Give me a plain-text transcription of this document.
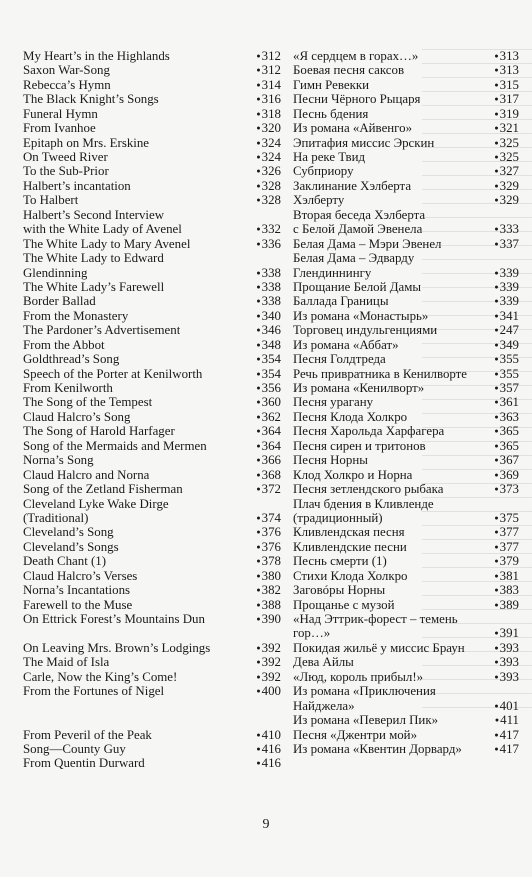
My Heart’s in the Highlands	● 312
Saxon War-Song	● 312
Rebecca’s Hymn	● 314
The Black Knight’s Songs	● 316
Funeral Hymn	● 318
From Ivanhoe	● 320
Epitaph on Mrs. Erskine	● 324
On Tweed River	● 324
To the Sub-Prior	● 326
Halbert’s incantation	● 328
To Halbert	● 328
Halbert’s Second Interview
with the White Lady of Avenel	● 332
The White Lady to Mary Avenel	● 336
The White Lady to Edward
Glendinning	● 338
The White Lady’s Farewell	● 338
Border Ballad	● 338
From the Monastery	● 340
The Pardoner’s Advertisement	● 346
From the Abbot	● 348
Goldthread’s Song	● 354
Speech of the Porter at Kenilworth	● 354
From Kenilworth	● 356
The Song of the Tempest	● 360
Claud Halcro’s Song	● 362
The Song of Harold Harfager	● 364
Song of the Mermaids and Mermen	● 364
Norna’s Song	● 366
Claud Halcro and Norna	● 368
Song of the Zetland Fisherman	● 372
Cleveland Lyke Wake Dirge
(Traditional)	● 374
Cleveland’s Song	● 376
Cleveland’s Songs	● 376
Death Chant (1)	● 378
Claud Halcro’s Verses	● 380
Norna’s Incantations	● 382
Farewell to the Muse	● 388
On Ettrick Forest’s Mountains Dun	● 390
On Leaving Mrs. Brown’s Lodgings	● 392
The Maid of Isla	● 392
Carle, Now the King’s Come!	● 392
From the Fortunes of Nigel	● 400
From Peveril of the Peak	● 410
Song—County Guy	● 416
From Quentin Durward	● 416
«Я сердцем в горах…»	● 313
Боевая песня саксов	● 313
Гимн Ревекки	● 315
Песни Чёрного Рыцаря	● 317
Песнь бдения	● 319
Из романа «Айвенго»	● 321
Эпитафия миссис Эрскин	● 325
На реке Твид	● 325
Субприору	● 327
Заклинание Хэлберта	● 329
Хэлберту	● 329
Вторая беседа Хэлберта
с Белой Дамой Эвенела	● 333
Белая Дама – Мэри Эвенел	● 337
Белая Дама – Эдварду
Глендиннингу	● 339
Прощание Белой Дамы	● 339
Баллада Границы	● 339
Из романа «Монастырь»	● 341
Торговец индульгенциями	● 247
Из романа «Аббат»	● 349
Песня Голдтреда	● 355
Речь привратника в Кенилворте	● 355
Из романа «Кенилворт»	● 357
Песня урагану	● 361
Песня Клода Холкро	● 363
Песня Харольда Харфагера	● 365
Песня сирен и тритонов	● 365
Песня Норны	● 367
Клод Холкро и Норна	● 369
Песня зетлендского рыбака	● 373
Плач бдения в Кливленде
(традиционный)	● 375
Кливлендская песня	● 377
Кливлендские песни	● 377
Песнь смерти (1)	● 379
Стихи Клода Холкро	● 381
Заговóры Норны	● 383
Прощанье с музой	● 389
«Над Эттрик-форест – темень
гор…»	● 391
Покидая жильё у миссис Браун	● 393
Дева Айлы	● 393
«Люд, король прибыл!»	● 393
Из романа «Приключения
Найджела»	● 401
Из романа «Певерил Пик»	● 411
Песня «Джентри мой»	● 417
Из романа «Квентин Дорвард»	● 417
9
